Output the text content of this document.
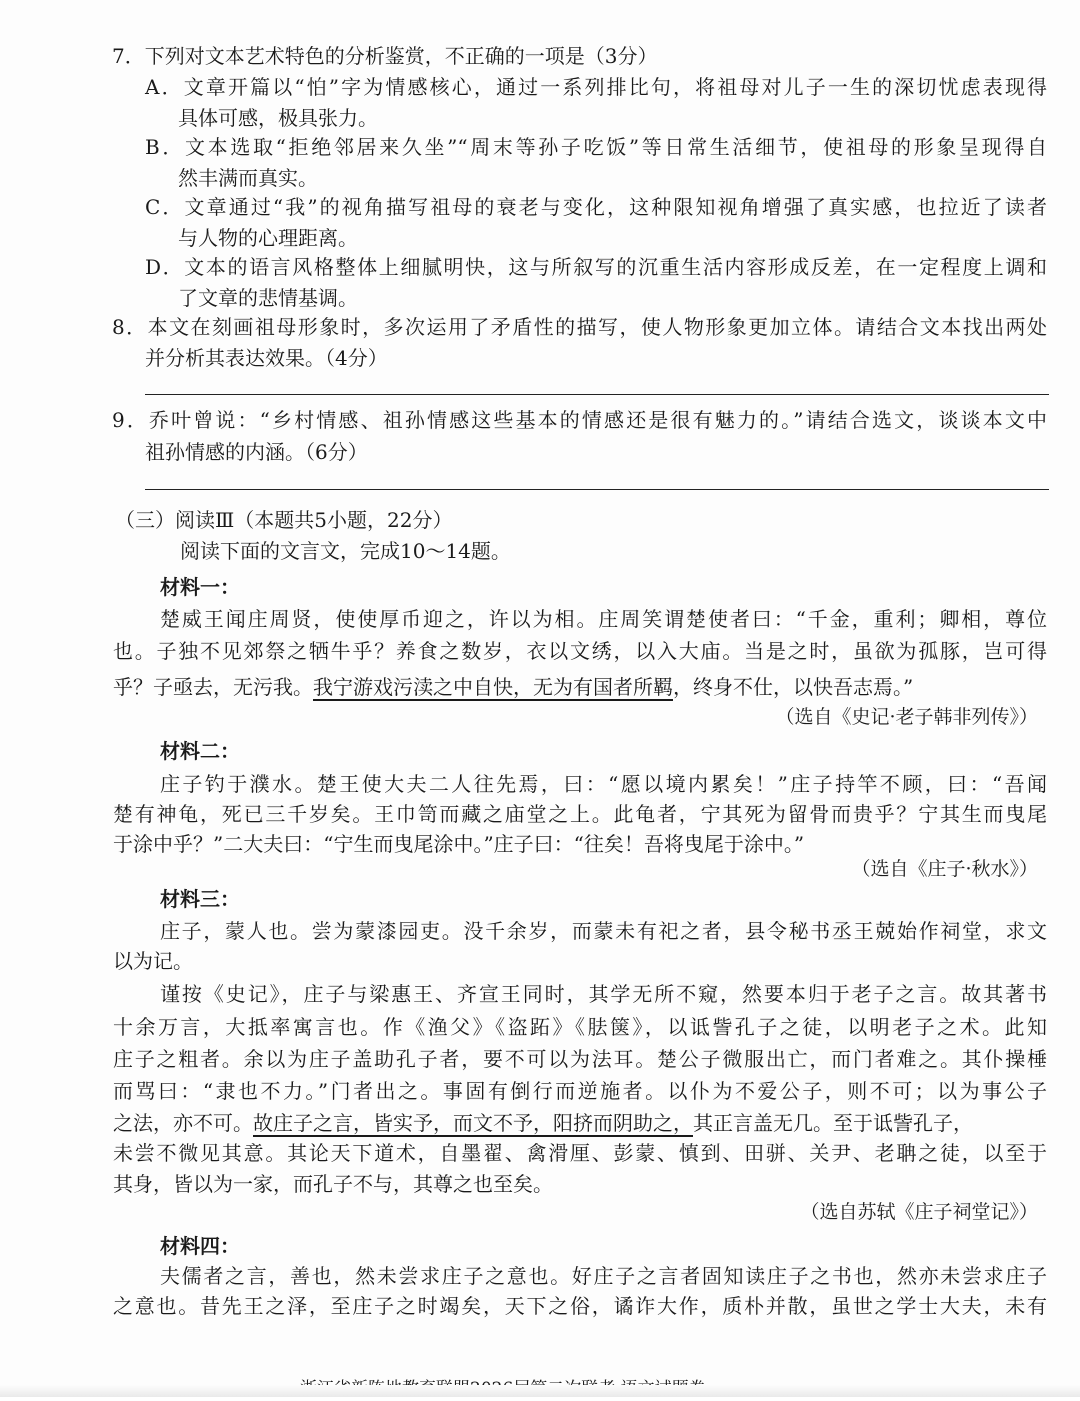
7．下列对文本艺术特色的分析鉴赏，不正确的一项是（3分）

A．文章开篇以“怕”字为情感核心，通过一系列排比句，将祖母对儿子一生的深切忧虑表现得

具体可感，极具张力。

B．文本选取“拒绝邻居来久坐”“周末等孙子吃饭”等日常生活细节，使祖母的形象呈现得自

然丰满而真实。

C．文章通过“我”的视角描写祖母的衰老与变化，这种限知视角增强了真实感，也拉近了读者

与人物的心理距离。

D．文本的语言风格整体上细腻明快，这与所叙写的沉重生活内容形成反差，在一定程度上调和

了文章的悲情基调。

8．本文在刻画祖母形象时，多次运用了矛盾性的描写，使人物形象更加立体。请结合文本找出两处

并分析其表达效果。（4分）

9．乔叶曾说：“乡村情感、祖孙情感这些基本的情感还是很有魅力的。”请结合选文，谈谈本文中

祖孙情感的内涵。（6分）

（三）阅读Ⅲ（本题共5小题，22分）

阅读下面的文言文，完成10～14题。

材料一：

楚威王闻庄周贤，使使厚币迎之，许以为相。庄周笑谓楚使者曰：“千金，重利；卿相，尊位

也。子独不见郊祭之牺牛乎？养食之数岁，衣以文绣，以入大庙。当是之时，虽欲为孤豚，岂可得

乎？子亟去，无污我。我宁游戏污渎之中自快，无为有国者所羁，终身不仕，以快吾志焉。”

（选自《史记·老子韩非列传》）

材料二：

庄子钓于濮水。楚王使大夫二人往先焉，曰：“愿以境内累矣！”庄子持竿不顾，曰：“吾闻

楚有神龟，死已三千岁矣。王巾笥而藏之庙堂之上。此龟者，宁其死为留骨而贵乎？宁其生而曳尾

于涂中乎？”二大夫曰：“宁生而曳尾涂中。”庄子曰：“往矣！吾将曳尾于涂中。”

（选自《庄子·秋水》）

材料三：

庄子，蒙人也。尝为蒙漆园吏。没千余岁，而蒙未有祀之者，县令秘书丞王兢始作祠堂，求文

以为记。

谨按《史记》，庄子与梁惠王、齐宣王同时，其学无所不窥，然要本归于老子之言。故其著书

十余万言，大抵率寓言也。作《渔父》《盗跖》《胠箧》，以诋訾孔子之徒，以明老子之术。此知

庄子之粗者。余以为庄子盖助孔子者，要不可以为法耳。楚公子微服出亡，而门者难之。其仆操棰

而骂曰：“隶也不力。”门者出之。事固有倒行而逆施者。以仆为不爱公子，则不可；以为事公子

之法，亦不可。故庄子之言，皆实予，而文不予，阳挤而阴助之，其正言盖无几。至于诋訾孔子，

未尝不微见其意。其论天下道术，自墨翟、禽滑厘、彭蒙、慎到、田骈、关尹、老聃之徒，以至于

其身，皆以为一家，而孔子不与，其尊之也至矣。

（选自苏轼《庄子祠堂记》）

材料四：

夫儒者之言，善也，然未尝求庄子之意也。好庄子之言者固知读庄子之书也，然亦未尝求庄子

之意也。昔先王之泽，至庄子之时竭矣，天下之俗，谲诈大作，质朴并散，虽世之学士大夫，未有
